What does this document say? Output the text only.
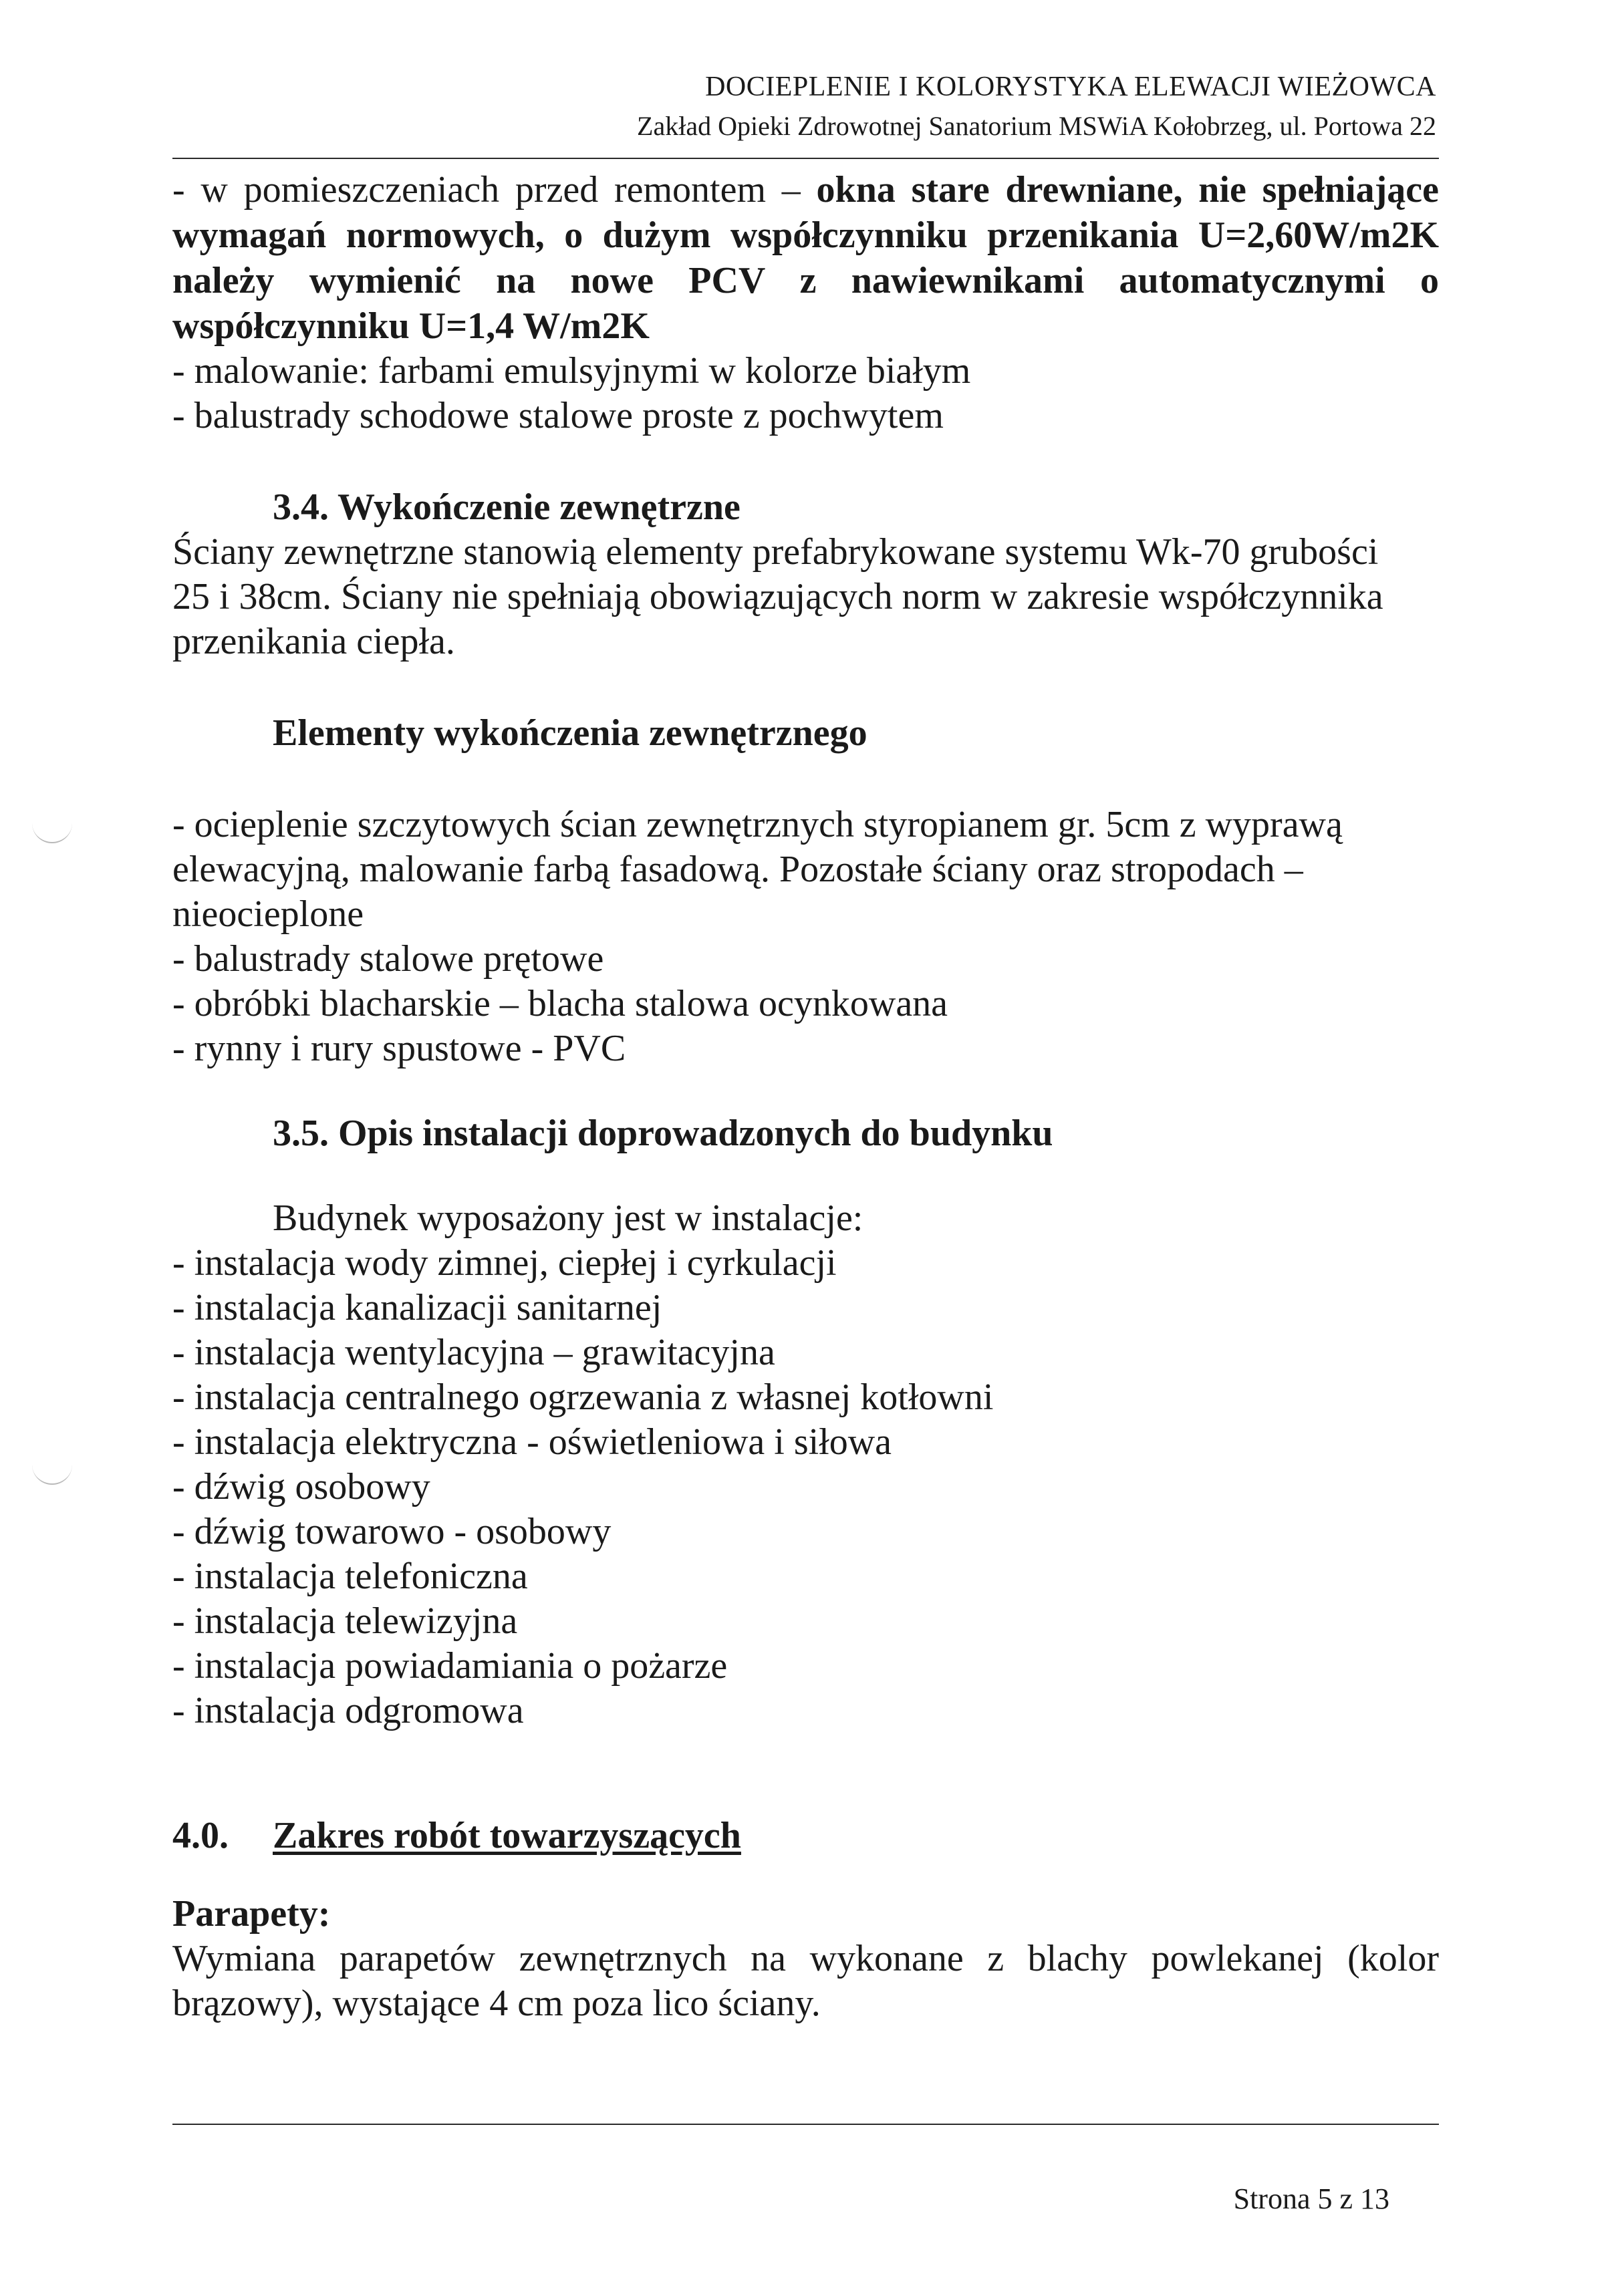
DOCIEPLENIE I KOLORYSTYKA ELEWACJI WIEŻOWCA
Zakład Opieki Zdrowotnej Sanatorium MSWiA Kołobrzeg, ul. Portowa 22
- w pomieszczeniach przed remontem – okna stare drewniane, nie spełniające
wymagań normowych, o dużym współczynniku przenikania U=2,60W/m2K
należy wymienić na nowe PCV z nawiewnikami automatycznymi o
współczynniku U=1,4 W/m2K
- malowanie: farbami emulsyjnymi w kolorze białym
- balustrady schodowe stalowe proste z pochwytem
3.4. Wykończenie zewnętrzne
Ściany zewnętrzne stanowią elementy prefabrykowane systemu Wk-70 grubości
25 i 38cm. Ściany nie spełniają obowiązujących norm w zakresie współczynnika
przenikania ciepła.
Elementy wykończenia zewnętrznego
- ocieplenie szczytowych ścian zewnętrznych styropianem gr. 5cm z wyprawą
elewacyjną, malowanie farbą fasadową. Pozostałe ściany oraz stropodach –
nieocieplone
- balustrady stalowe prętowe
- obróbki blacharskie – blacha stalowa ocynkowana
- rynny i rury spustowe - PVC
3.5. Opis instalacji doprowadzonych do budynku
Budynek wyposażony jest w instalacje:
- instalacja wody zimnej, ciepłej i cyrkulacji
- instalacja kanalizacji sanitarnej
- instalacja wentylacyjna – grawitacyjna
- instalacja centralnego ogrzewania z własnej kotłowni
- instalacja elektryczna - oświetleniowa i siłowa
- dźwig osobowy
- dźwig towarowo - osobowy
- instalacja telefoniczna
- instalacja telewizyjna
- instalacja powiadamiania o pożarze
- instalacja odgromowa
4.0. Zakres robót towarzyszących
Parapety:
Wymiana parapetów zewnętrznych na wykonane z blachy powlekanej (kolor
brązowy), wystające 4 cm poza lico ściany.
Strona 5 z 13
